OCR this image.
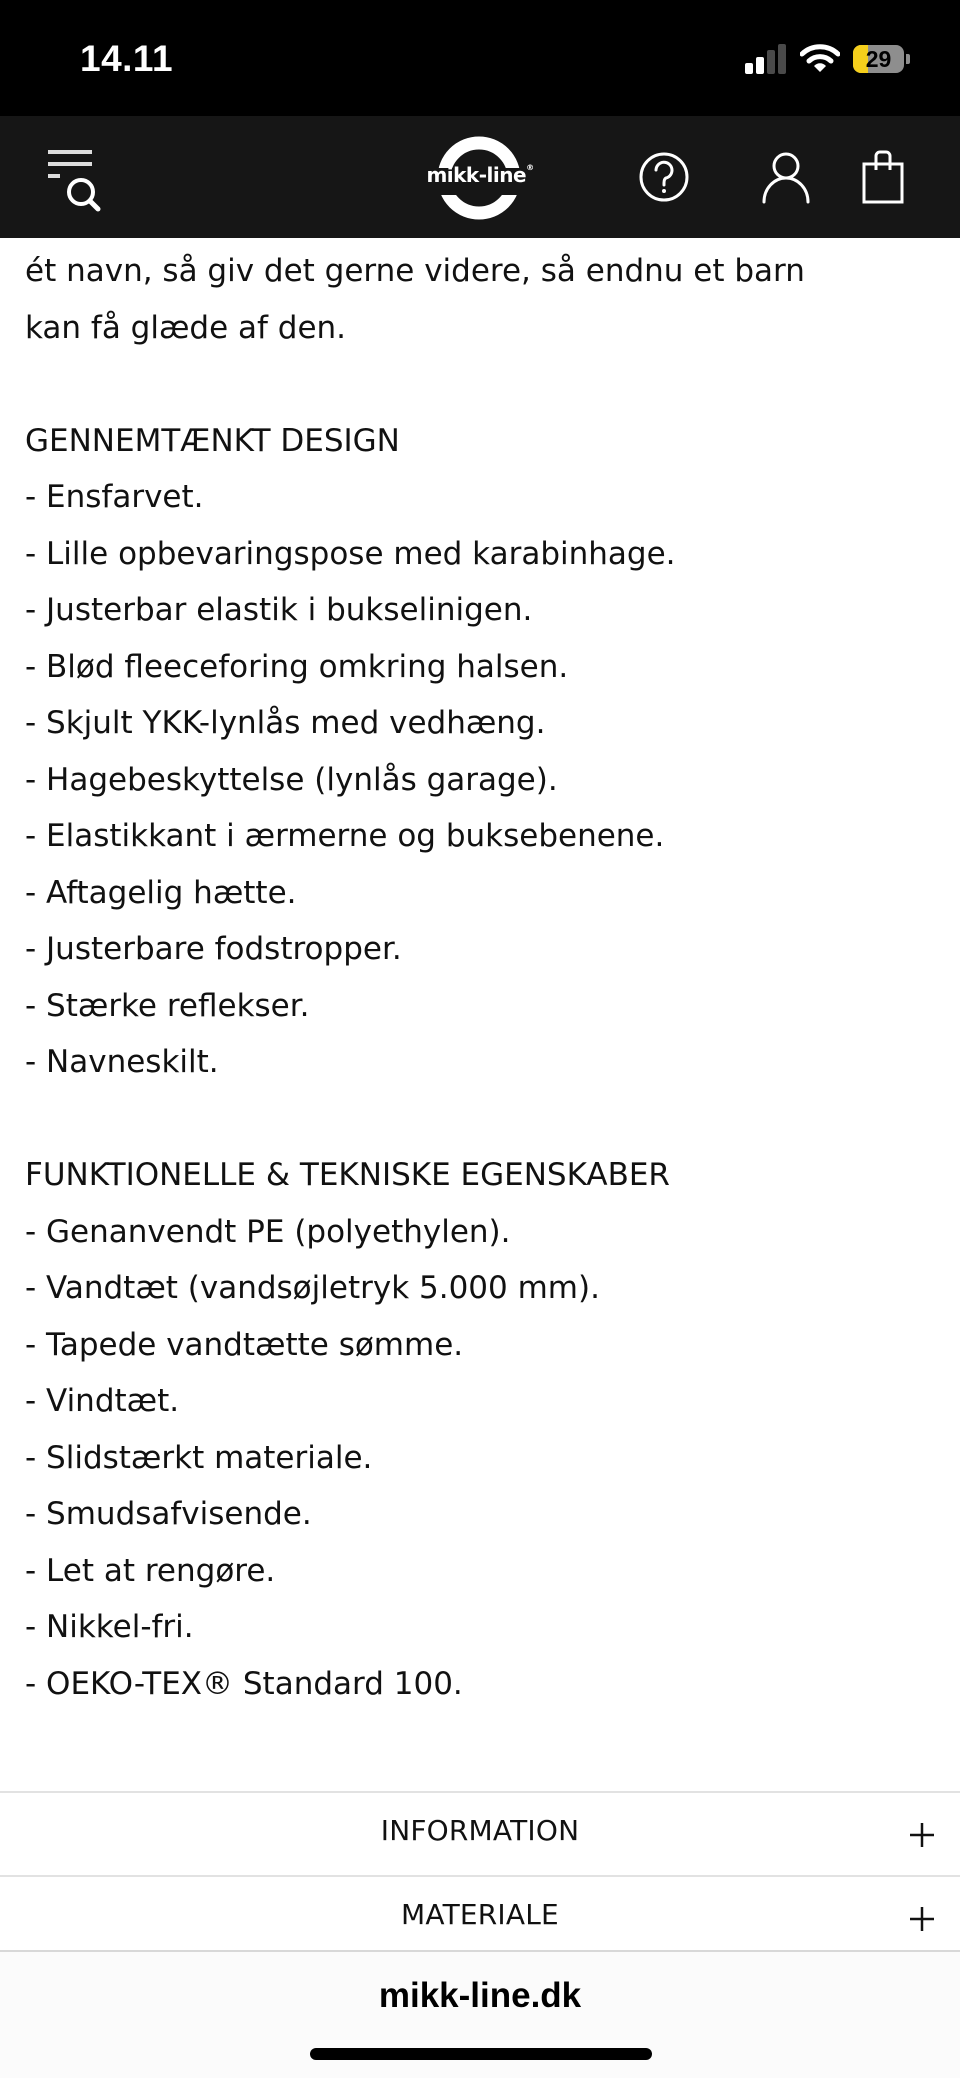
14.11	29
mikk-line®

ét navn, så giv det gerne videre, så endnu et barn

kan få glæde af den.

GENNEMTÆNKT DESIGN

- Ensfarvet.

- Lille opbevaringspose med karabinhage.

- Justerbar elastik i bukselinigen.

- Blød fleeceforing omkring halsen.

- Skjult YKK-lynlås med vedhæng.

- Hagebeskyttelse (lynlås garage).

- Elastikkant i ærmerne og buksebenene.

- Aftagelig hætte.

- Justerbare fodstropper.

- Stærke reflekser.

- Navneskilt.

FUNKTIONELLE & TEKNISKE EGENSKABER

- Genanvendt PE (polyethylen).

- Vandtæt (vandsøjletryk 5.000 mm).

- Tapede vandtætte sømme.

- Vindtæt.

- Slidstærkt materiale.

- Smudsafvisende.

- Let at rengøre.

- Nikkel-fri.

- OEKO-TEX® Standard 100.

INFORMATION
MATERIALE
mikk-line.dk
